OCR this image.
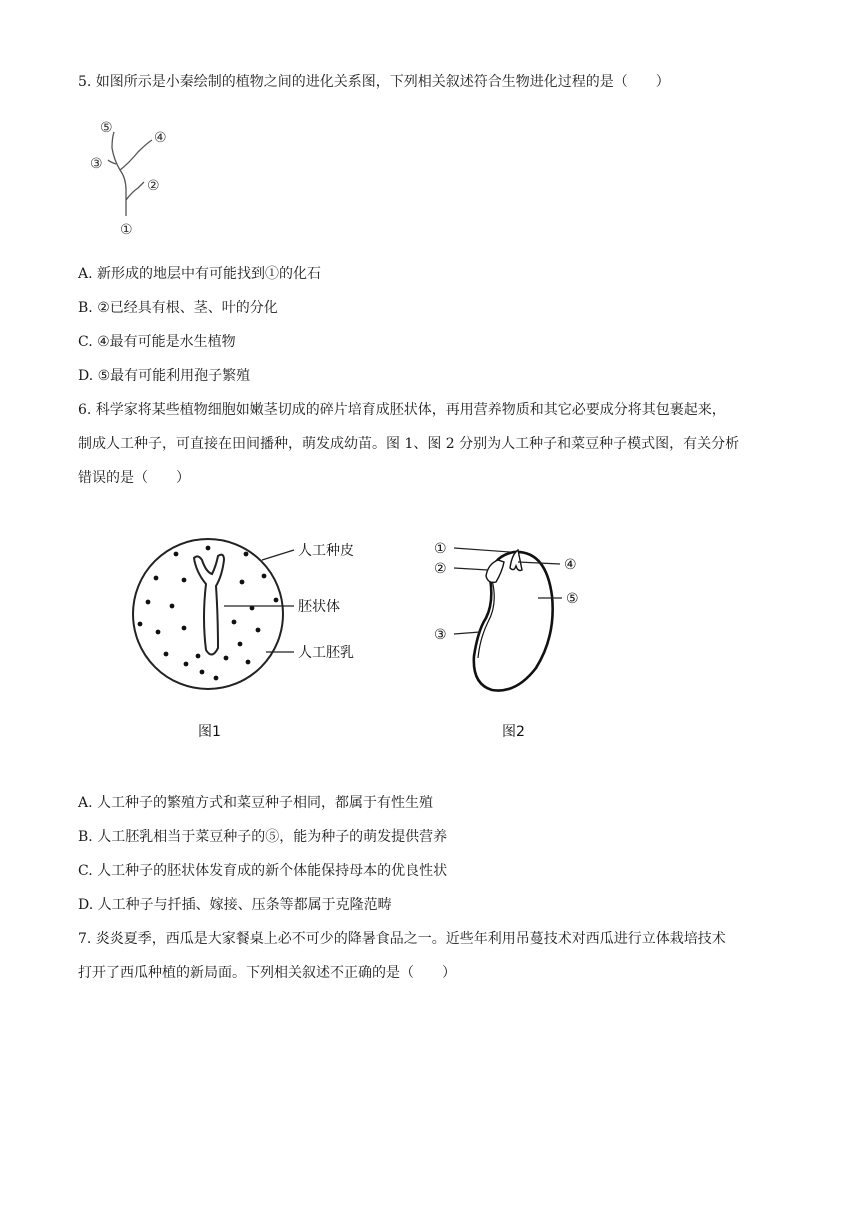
5. 如图所示是小秦绘制的植物之间的进化关系图，下列相关叙述符合生物进化过程的是（　　）
①
②
③
④
⑤
A. 新形成的地层中有可能找到①的化石
B. ②已经具有根、茎、叶的分化
C. ④最有可能是水生植物
D. ⑤最有可能利用孢子繁殖
6. 科学家将某些植物细胞如嫩茎切成的碎片培育成胚状体，再用营养物质和其它必要成分将其包裹起来，
制成人工种子，可直接在田间播种，萌发成幼苗。图 1、图 2 分别为人工种子和菜豆种子模式图，有关分析
错误的是（　　）
人工种皮
胚状体
人工胚乳
图1
①
②
③
④
⑤
图2
A. 人工种子的繁殖方式和菜豆种子相同，都属于有性生殖
B. 人工胚乳相当于菜豆种子的⑤，能为种子的萌发提供营养
C. 人工种子的胚状体发育成的新个体能保持母本的优良性状
D. 人工种子与扦插、嫁接、压条等都属于克隆范畴
7. 炎炎夏季，西瓜是大家餐桌上必不可少的降暑食品之一。近些年利用吊蔓技术对西瓜进行立体栽培技术
打开了西瓜种植的新局面。下列相关叙述不正确的是（　　）
